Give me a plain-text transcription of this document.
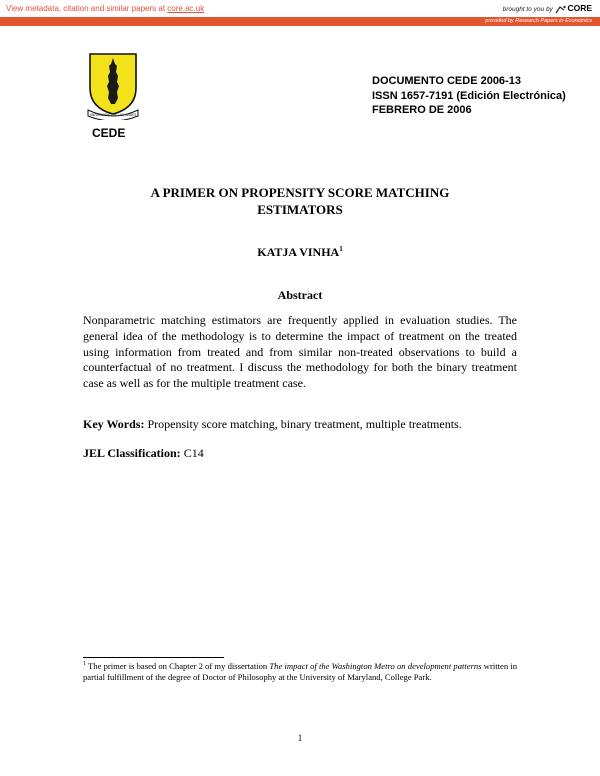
View metadata, citation and similar papers at core.ac.uk	brought to you by CORE
provided by Research Papers in Economics
UNIVERSIDAD DE LOS ANDES
CEDE
DOCUMENTO CEDE 2006-13
ISSN 1657-7191 (Edición Electrónica)
FEBRERO DE 2006
A PRIMER ON PROPENSITY SCORE MATCHING
ESTIMATORS
KATJA VINHA$^1$
Abstract
Nonparametric matching estimators are frequently applied in evaluation studies. The general idea of the methodology is to determine the impact of treatment on the treated using information from treated and from similar non-treated observations to build a counterfactual of no treatment. I discuss the methodology for both the binary treatment case as well as for the multiple treatment case.
Key Words: Propensity score matching, binary treatment, multiple treatments.
JEL Classification: C14
$^1$ The primer is based on Chapter 2 of my dissertation The impact of the Washington Metro on development patterns written in partial fulfillment of the degree of Doctor of Philosophy at the University of Maryland, College Park.
1
